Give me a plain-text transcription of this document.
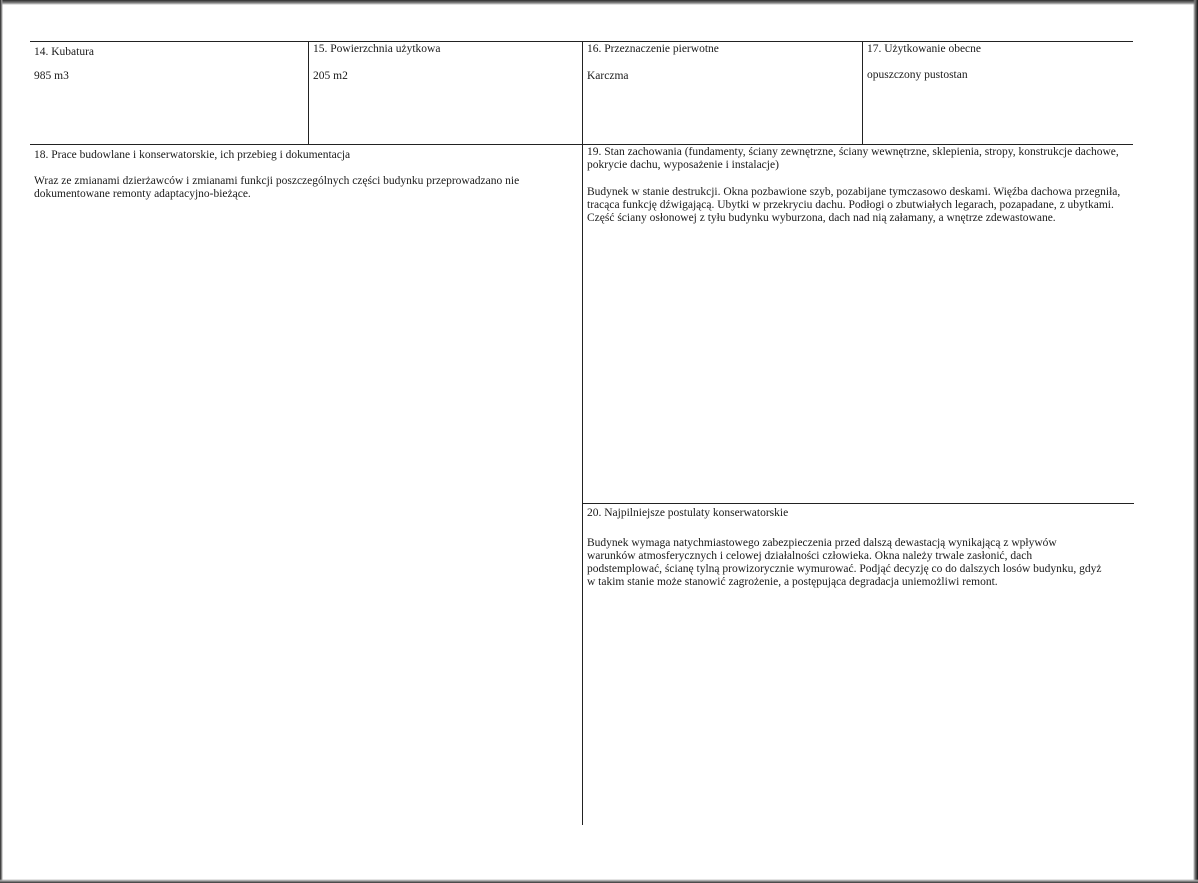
14. Kubatura
985 m3
15. Powierzchnia użytkowa
205 m2
16. Przeznaczenie pierwotne
Karczma
17. Użytkowanie obecne
opuszczony pustostan
18. Prace budowlane i konserwatorskie, ich przebieg i dokumentacja
Wraz ze zmianami dzierżawców i zmianami funkcji poszczególnych części budynku przeprowadzano nie dokumentowane remonty adaptacyjno-bieżące.
19. Stan zachowania (fundamenty, ściany zewnętrzne, ściany wewnętrzne, sklepienia, stropy, konstrukcje dachowe, pokrycie dachu, wyposażenie i instalacje)
Budynek w stanie destrukcji. Okna pozbawione szyb, pozabijane tymczasowo deskami. Więźba dachowa przegniła, tracąca funkcję dźwigającą. Ubytki w przekryciu dachu. Podłogi o zbutwiałych legarach, pozapadane, z ubytkami. Część ściany osłonowej z tyłu budynku wyburzona, dach nad nią załamany, a wnętrze zdewastowane.
20. Najpilniejsze postulaty konserwatorskie
Budynek wymaga natychmiastowego zabezpieczenia przed dalszą dewastacją wynikającą z wpływów warunków atmosferycznych i celowej działalności człowieka. Okna należy trwale zasłonić, dach podstemplować, ścianę tylną prowizorycznie wymurować. Podjąć decyzję co do dalszych losów budynku, gdyż w takim stanie może stanowić zagrożenie, a postępująca degradacja uniemożliwi remont.
